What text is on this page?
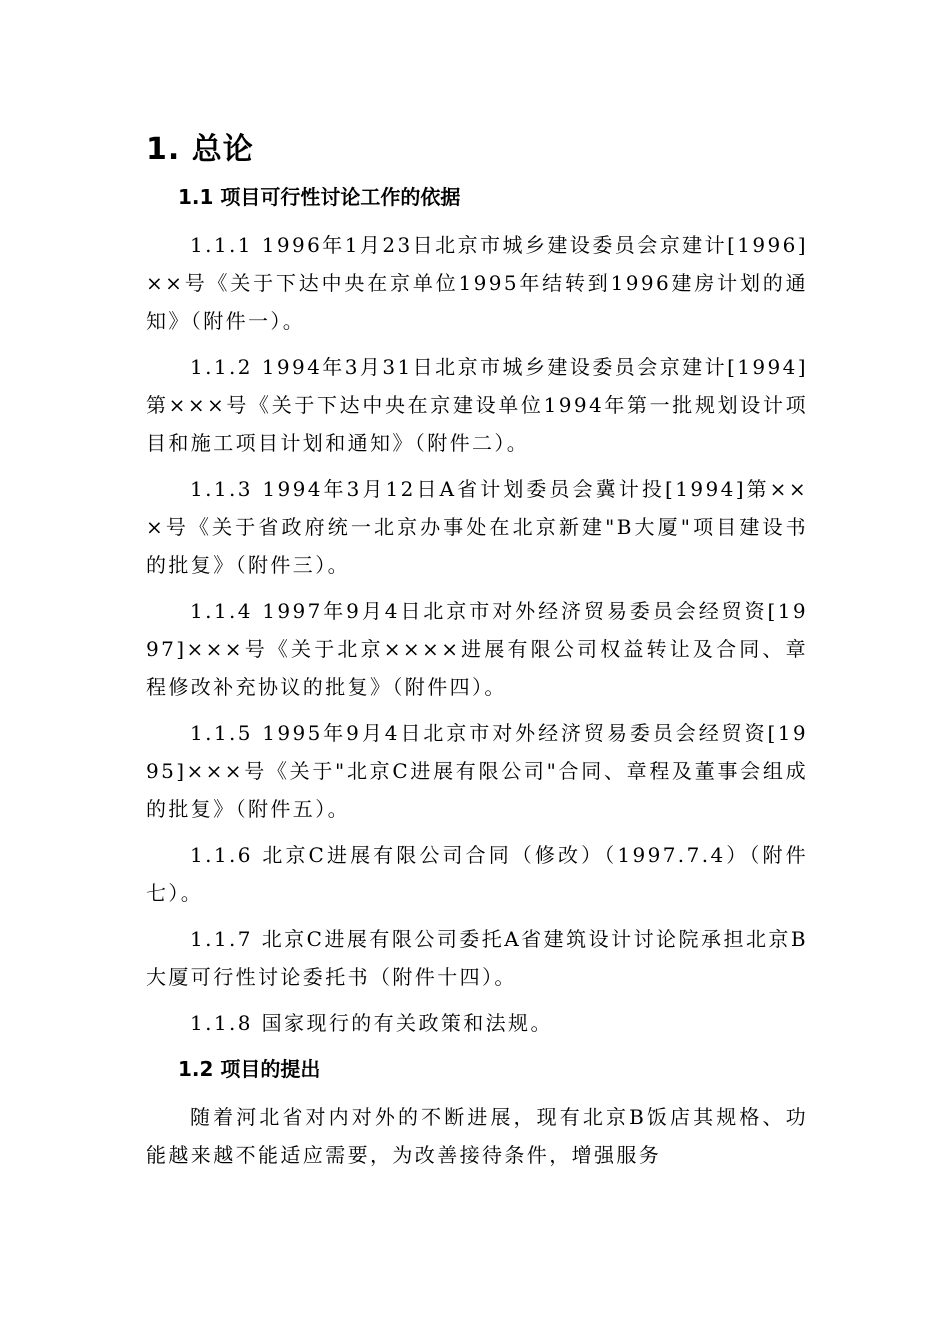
1. 总论
1.1 项目可行性讨论工作的依据

1.1.1 1996年1月23日北京市城乡建设委员会京建计[1996]××号《关于下达中央在京单位1995年结转到1996建房计划的通知》（附件一）。

1.1.2 1994年3月31日北京市城乡建设委员会京建计[1994]第×××号《关于下达中央在京建设单位1994年第一批规划设计项目和施工项目计划和通知》（附件二）。

1.1.3 1994年3月12日A省计划委员会冀计投[1994]第×××号《关于省政府统一北京办事处在北京新建"B大厦"项目建设书的批复》（附件三）。

1.1.4 1997年9月4日北京市对外经济贸易委员会经贸资[1997]×××号《关于北京××××进展有限公司权益转让及合同、章程修改补充协议的批复》（附件四）。

1.1.5 1995年9月4日北京市对外经济贸易委员会经贸资[1995]×××号《关于"北京C进展有限公司"合同、章程及董事会组成的批复》（附件五）。

1.1.6 北京C进展有限公司合同（修改）（1997.7.4）（附件七）。

1.1.7 北京C进展有限公司委托A省建筑设计讨论院承担北京B大厦可行性讨论委托书（附件十四）。

1.1.8 国家现行的有关政策和法规。

1.2 项目的提出

随着河北省对内对外的不断进展，现有北京B饭店其规格、功能越来越不能适应需要，为改善接待条件，增强服务
